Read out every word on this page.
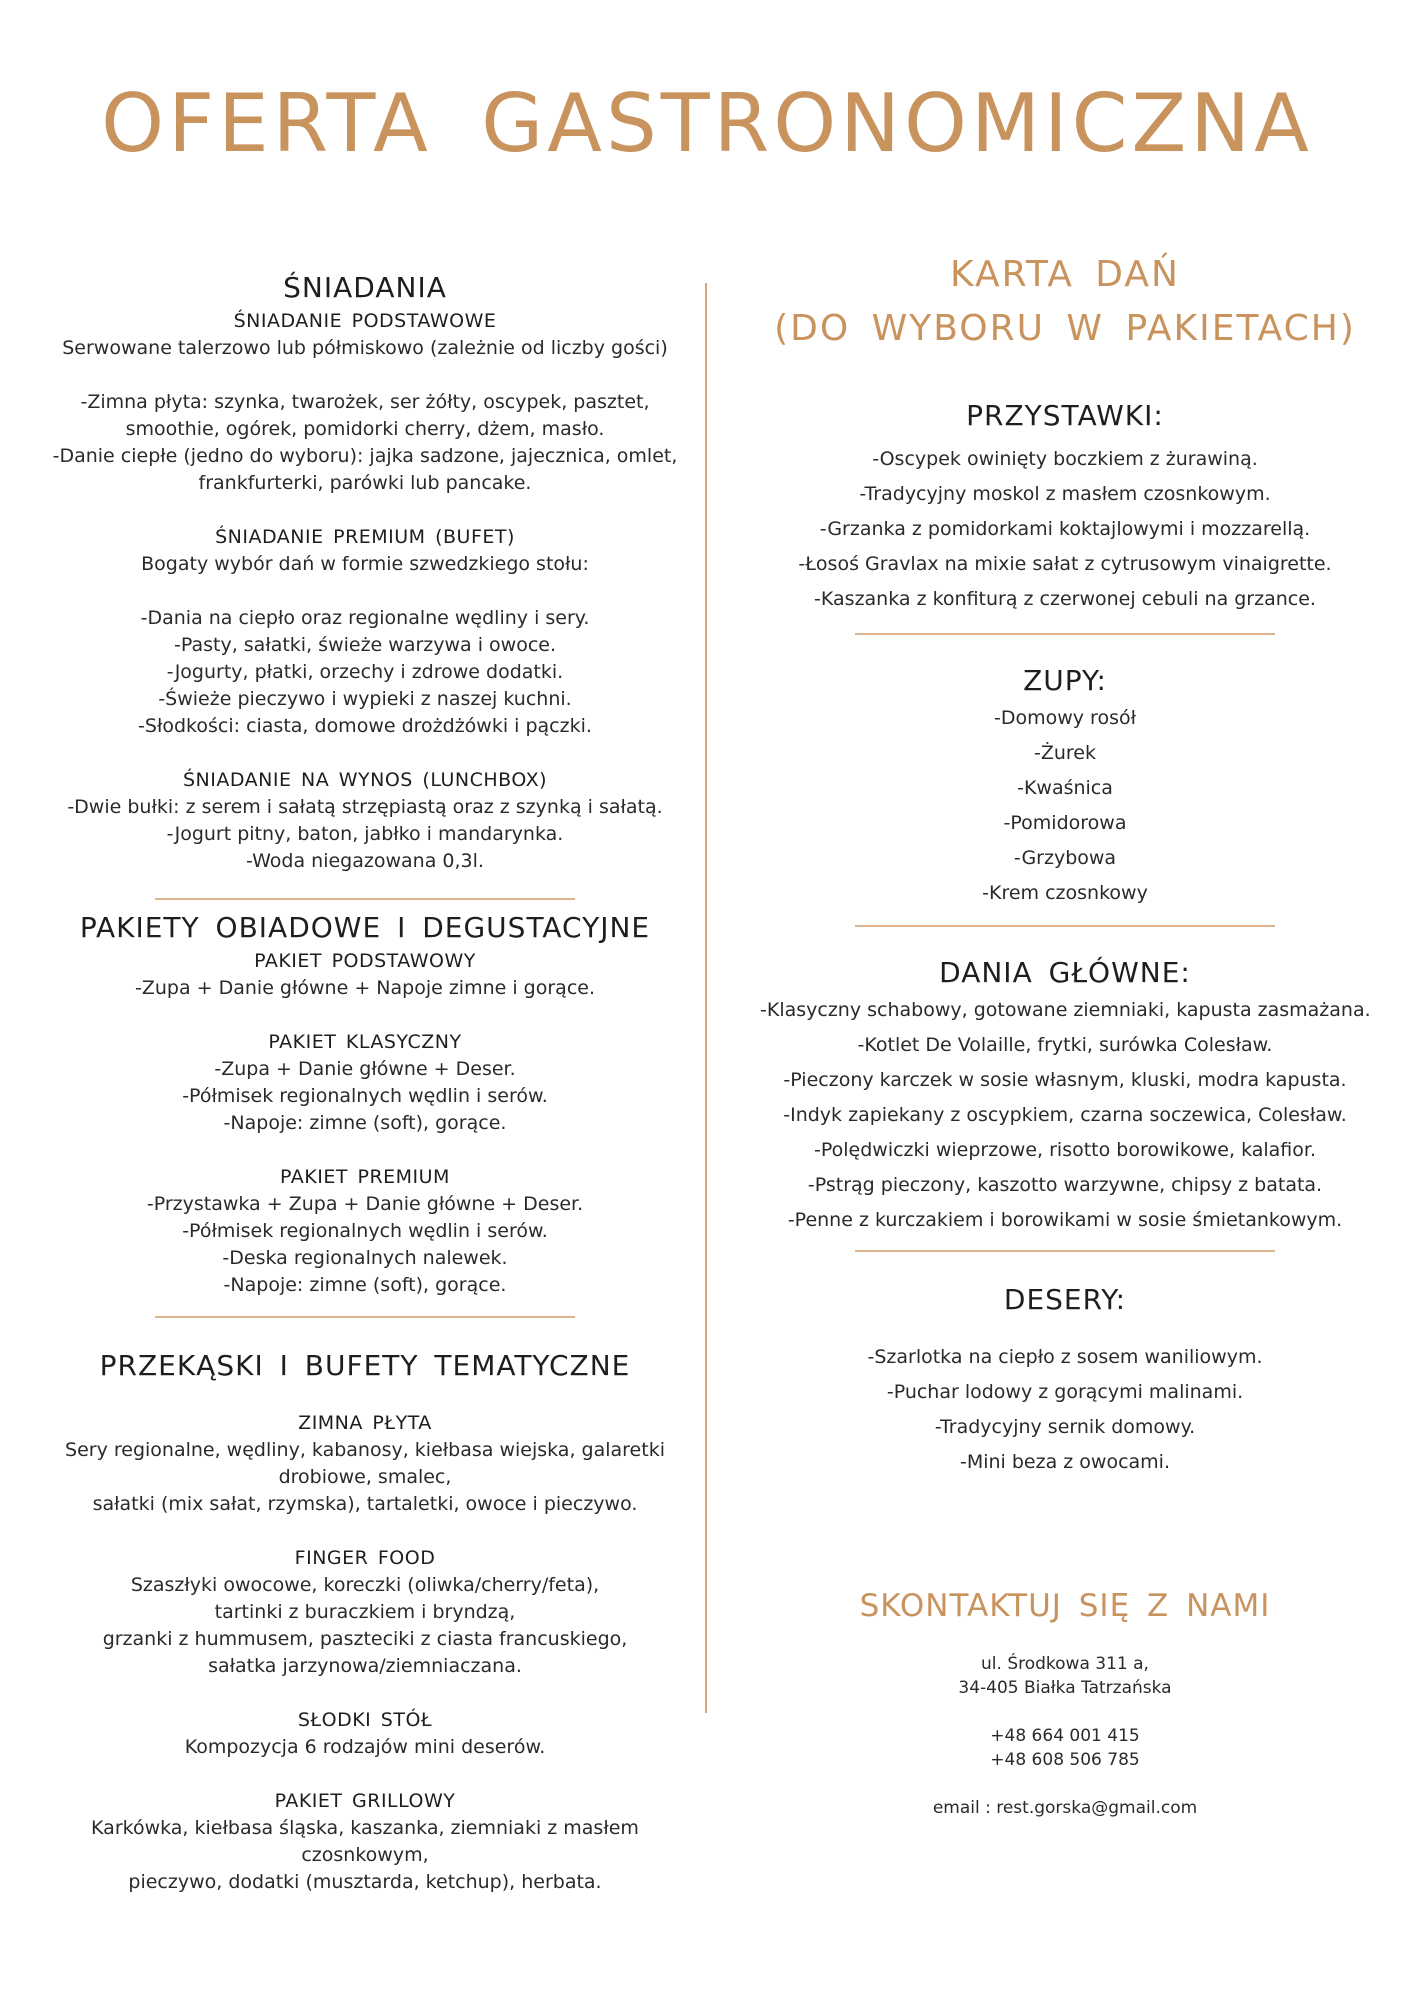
OFERTA GASTRONOMICZNA
ŚNIADANIA
ŚNIADANIE PODSTAWOWE
Serwowane talerzowo lub półmiskowo (zależnie od liczby gości)
-Zimna płyta: szynka, twarożek, ser żółty, oscypek, pasztet,
smoothie, ogórek, pomidorki cherry, dżem, masło.
-Danie ciepłe (jedno do wyboru): jajka sadzone, jajecznica, omlet,
frankfurterki, parówki lub pancake.
ŚNIADANIE PREMIUM (BUFET)
Bogaty wybór dań w formie szwedzkiego stołu:
-Dania na ciepło oraz regionalne wędliny i sery.
-Pasty, sałatki, świeże warzywa i owoce.
-Jogurty, płatki, orzechy i zdrowe dodatki.
-Świeże pieczywo i wypieki z naszej kuchni.
-Słodkości: ciasta, domowe drożdżówki i pączki.
ŚNIADANIE NA WYNOS (LUNCHBOX)
-Dwie bułki: z serem i sałatą strzępiastą oraz z szynką i sałatą.
-Jogurt pitny, baton, jabłko i mandarynka.
-Woda niegazowana 0,3l.
PAKIETY OBIADOWE I DEGUSTACYJNE
PAKIET PODSTAWOWY
-Zupa + Danie główne + Napoje zimne i gorące.
PAKIET KLASYCZNY
-Zupa + Danie główne + Deser.
-Półmisek regionalnych wędlin i serów.
-Napoje: zimne (soft), gorące.
PAKIET PREMIUM
-Przystawka + Zupa + Danie główne + Deser.
-Półmisek regionalnych wędlin i serów.
-Deska regionalnych nalewek.
-Napoje: zimne (soft), gorące.
PRZEKĄSKI I BUFETY TEMATYCZNE
ZIMNA PŁYTA
Sery regionalne, wędliny, kabanosy, kiełbasa wiejska, galaretki
drobiowe, smalec,
sałatki (mix sałat, rzymska), tartaletki, owoce i pieczywo.
FINGER FOOD
Szaszłyki owocowe, koreczki (oliwka/cherry/feta),
tartinki z buraczkiem i bryndzą,
grzanki z hummusem, paszteciki z ciasta francuskiego,
sałatka jarzynowa/ziemniaczana.
SŁODKI STÓŁ
Kompozycja 6 rodzajów mini deserów.
PAKIET GRILLOWY
Karkówka, kiełbasa śląska, kaszanka, ziemniaki z masłem
czosnkowym,
pieczywo, dodatki (musztarda, ketchup), herbata.
KARTA DAŃ
(DO WYBORU W PAKIETACH)
PRZYSTAWKI:
-Oscypek owinięty boczkiem z żurawiną.
-Tradycyjny moskol z masłem czosnkowym.
-Grzanka z pomidorkami koktajlowymi i mozzarellą.
-Łosoś Gravlax na mixie sałat z cytrusowym vinaigrette.
-Kaszanka z konfiturą z czerwonej cebuli na grzance.
ZUPY:
-Domowy rosół
-Żurek
-Kwaśnica
-Pomidorowa
-Grzybowa
-Krem czosnkowy
DANIA GŁÓWNE:
-Klasyczny schabowy, gotowane ziemniaki, kapusta zasmażana.
-Kotlet De Volaille, frytki, surówka Colesław.
-Pieczony karczek w sosie własnym, kluski, modra kapusta.
-Indyk zapiekany z oscypkiem, czarna soczewica, Colesław.
-Polędwiczki wieprzowe, risotto borowikowe, kalafior.
-Pstrąg pieczony, kaszotto warzywne, chipsy z batata.
-Penne z kurczakiem i borowikami w sosie śmietankowym.
DESERY:
-Szarlotka na ciepło z sosem waniliowym.
-Puchar lodowy z gorącymi malinami.
-Tradycyjny sernik domowy.
-Mini beza z owocami.
SKONTAKTUJ SIĘ Z NAMI
ul. Środkowa 311 a,
34-405 Białka Tatrzańska
+48 664 001 415
+48 608 506 785
email : rest.gorska@gmail.com
